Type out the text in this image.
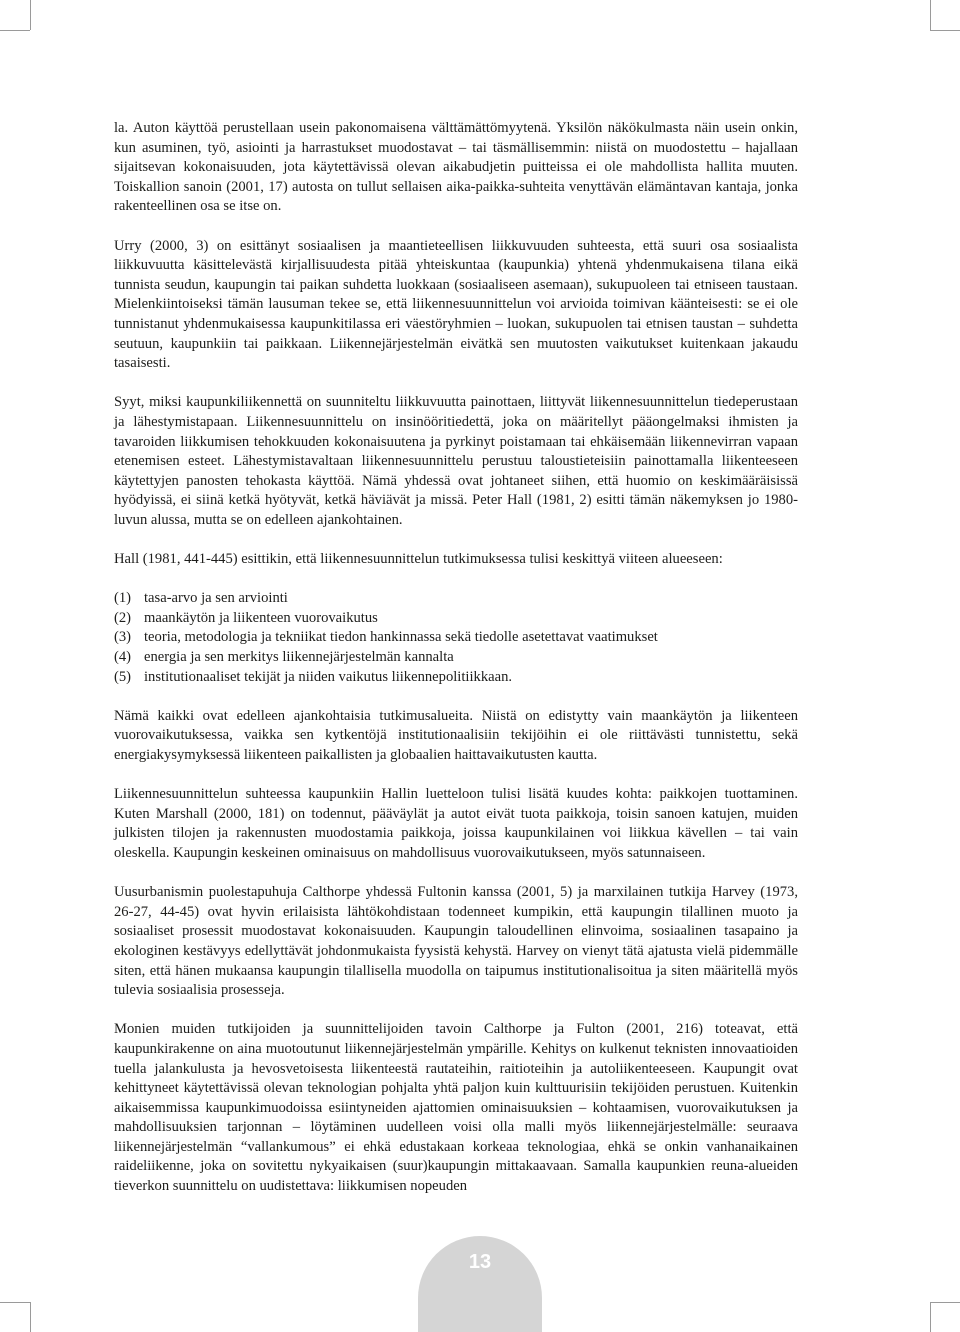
la. Auton käyttöä perustellaan usein pakonomaisena välttämättömyytenä. Yksilön näkökulmasta näin usein onkin, kun asuminen, työ, asiointi ja harrastukset muodostavat – tai täsmällisemmin: niistä on muodostettu – hajallaan sijaitsevan kokonaisuuden, jota käytettävissä olevan aikabudjetin puitteissa ei ole mahdollista hallita muuten. Toiskallion sanoin (2001, 17) autosta on tullut sellaisen aika-paikka-suhteita venyttävän elämäntavan kantaja, jonka rakenteellinen osa se itse on.

Urry (2000, 3) on esittänyt sosiaalisen ja maantieteellisen liikkuvuuden suhteesta, että suuri osa sosiaalista liikkuvuutta käsittelevästä kirjallisuudesta pitää yhteiskuntaa (kaupunkia) yhtenä yhdenmukaisena tilana eikä tunnista seudun, kaupungin tai paikan suhdetta luokkaan (sosiaaliseen asemaan), sukupuoleen tai etniseen taustaan. Mielenkiintoiseksi tämän lausuman tekee se, että liikennesuunnittelun voi arvioida toimivan käänteisesti: se ei ole tunnistanut yhdenmukaisessa kaupunkitilassa eri väestöryhmien – luokan, sukupuolen tai etnisen taustan – suhdetta seutuun, kaupunkiin tai paikkaan. Liikennejärjestelmän eivätkä sen muutosten vaikutukset kuitenkaan jakaudu tasaisesti.

Syyt, miksi kaupunkiliikennettä on suunniteltu liikkuvuutta painottaen, liittyvät liikennesuunnittelun tiedeperustaan ja lähestymistapaan. Liikennesuunnittelu on insinööritiedettä, joka on määritellyt pääongelmaksi ihmisten ja tavaroiden liikkumisen tehokkuuden kokonaisuutena ja pyrkinyt poistamaan tai ehkäisemään liikennevirran vapaan etenemisen esteet. Lähestymistavaltaan liikennesuunnittelu perustuu taloustieteisiin painottamalla liikenteeseen käytettyjen panosten tehokasta käyttöä. Nämä yhdessä ovat johtaneet siihen, että huomio on keskimääräisissä hyödyissä, ei siinä ketkä hyötyvät, ketkä häviävät ja missä. Peter Hall (1981, 2) esitti tämän näkemyksen jo 1980-luvun alussa, mutta se on edelleen ajankohtainen.

Hall (1981, 441-445) esittikin, että liikennesuunnittelun tutkimuksessa tulisi keskittyä viiteen alueeseen:

(1) tasa-arvo ja sen arviointi
(2) maankäytön ja liikenteen vuorovaikutus
(3) teoria, metodologia ja tekniikat tiedon hankinnassa sekä tiedolle asetettavat vaatimukset
(4) energia ja sen merkitys liikennejärjestelmän kannalta
(5) institutionaaliset tekijät ja niiden vaikutus liikennepolitiikkaan.

Nämä kaikki ovat edelleen ajankohtaisia tutkimusalueita. Niistä on edistytty vain maankäytön ja liikenteen vuorovaikutuksessa, vaikka sen kytkentöjä institutionaalisiin tekijöihin ei ole riittävästi tunnistettu, sekä energiakysymyksessä liikenteen paikallisten ja globaalien haittavaikutusten kautta.

Liikennesuunnittelun suhteessa kaupunkiin Hallin luetteloon tulisi lisätä kuudes kohta: paikkojen tuottaminen. Kuten Marshall (2000, 181) on todennut, pääväylät ja autot eivät tuota paikkoja, toisin sanoen katujen, muiden julkisten tilojen ja rakennusten muodostamia paikkoja, joissa kaupunkilainen voi liikkua kävellen – tai vain oleskella. Kaupungin keskeinen ominaisuus on mahdollisuus vuorovaikutukseen, myös satunnaiseen.

Uusurbanismin puolestapuhuja Calthorpe yhdessä Fultonin kanssa (2001, 5) ja marxilainen tutkija Harvey (1973, 26-27, 44-45) ovat hyvin erilaisista lähtökohdistaan todenneet kumpikin, että kaupungin tilallinen muoto ja sosiaaliset prosessit muodostavat kokonaisuuden. Kaupungin taloudellinen elinvoima, sosiaalinen tasapaino ja ekologinen kestävyys edellyttävät johdonmukaista fyysistä kehystä. Harvey on vienyt tätä ajatusta vielä pidemmälle siten, että hänen mukaansa kaupungin tilallisella muodolla on taipumus institutionalisoitua ja siten määritellä myös tulevia sosiaalisia prosesseja.

Monien muiden tutkijoiden ja suunnittelijoiden tavoin Calthorpe ja Fulton (2001, 216) toteavat, että kaupunkirakenne on aina muotoutunut liikennejärjestelmän ympärille. Kehitys on kulkenut teknisten innovaatioiden tuella jalankulusta ja hevosvetoisesta liikenteestä rautateihin, raitioteihin ja autoliikenteeseen. Kaupungit ovat kehittyneet käytettävissä olevan teknologian pohjalta yhtä paljon kuin kulttuurisiin tekijöiden perustuen. Kuitenkin aikaisemmissa kaupunkimuodoissa esiintyneiden ajattomien ominaisuuksien – kohtaamisen, vuorovaikutuksen ja mahdollisuuksien tarjonnan – löytäminen uudelleen voisi olla malli myös liikennejärjestelmälle: seuraava liikennejärjestelmän “vallankumous” ei ehkä edustakaan korkeaa teknologiaa, ehkä se onkin vanhanaikainen raideliikenne, joka on sovitettu nykyaikaisen (suur)kaupungin mittakaavaan. Samalla kaupunkien reuna-alueiden tieverkon suunnittelu on uudistettava: liikkumisen nopeuden

13
